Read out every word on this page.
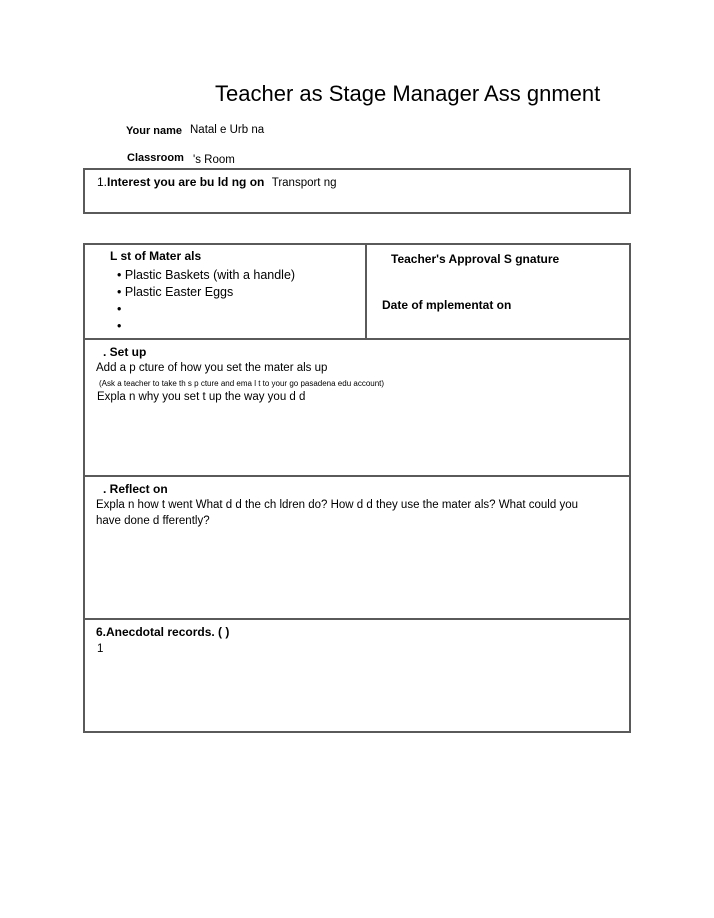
Teacher as Stage Manager Ass gnment
Your name Natal e Urb na
Classroom 's Room
1.Interest you are bu ld ng on Transport ng
L st of Mater als
• Plastic Baskets (with a handle)
• Plastic Easter Eggs
•
•
Teacher's Approval S gnature
Date of mplementat on
. Set up
Add a p cture of how you set the mater als up
(Ask a teacher to take th s p cture and ema l t to your go pasadena edu account)
Expla n why you set t up the way you d d
. Reflect on
Expla n how t went What d d the ch ldren do? How d d they use the mater als? What could you
have done d fferently?
6.Anecdotal records. ( )
1
